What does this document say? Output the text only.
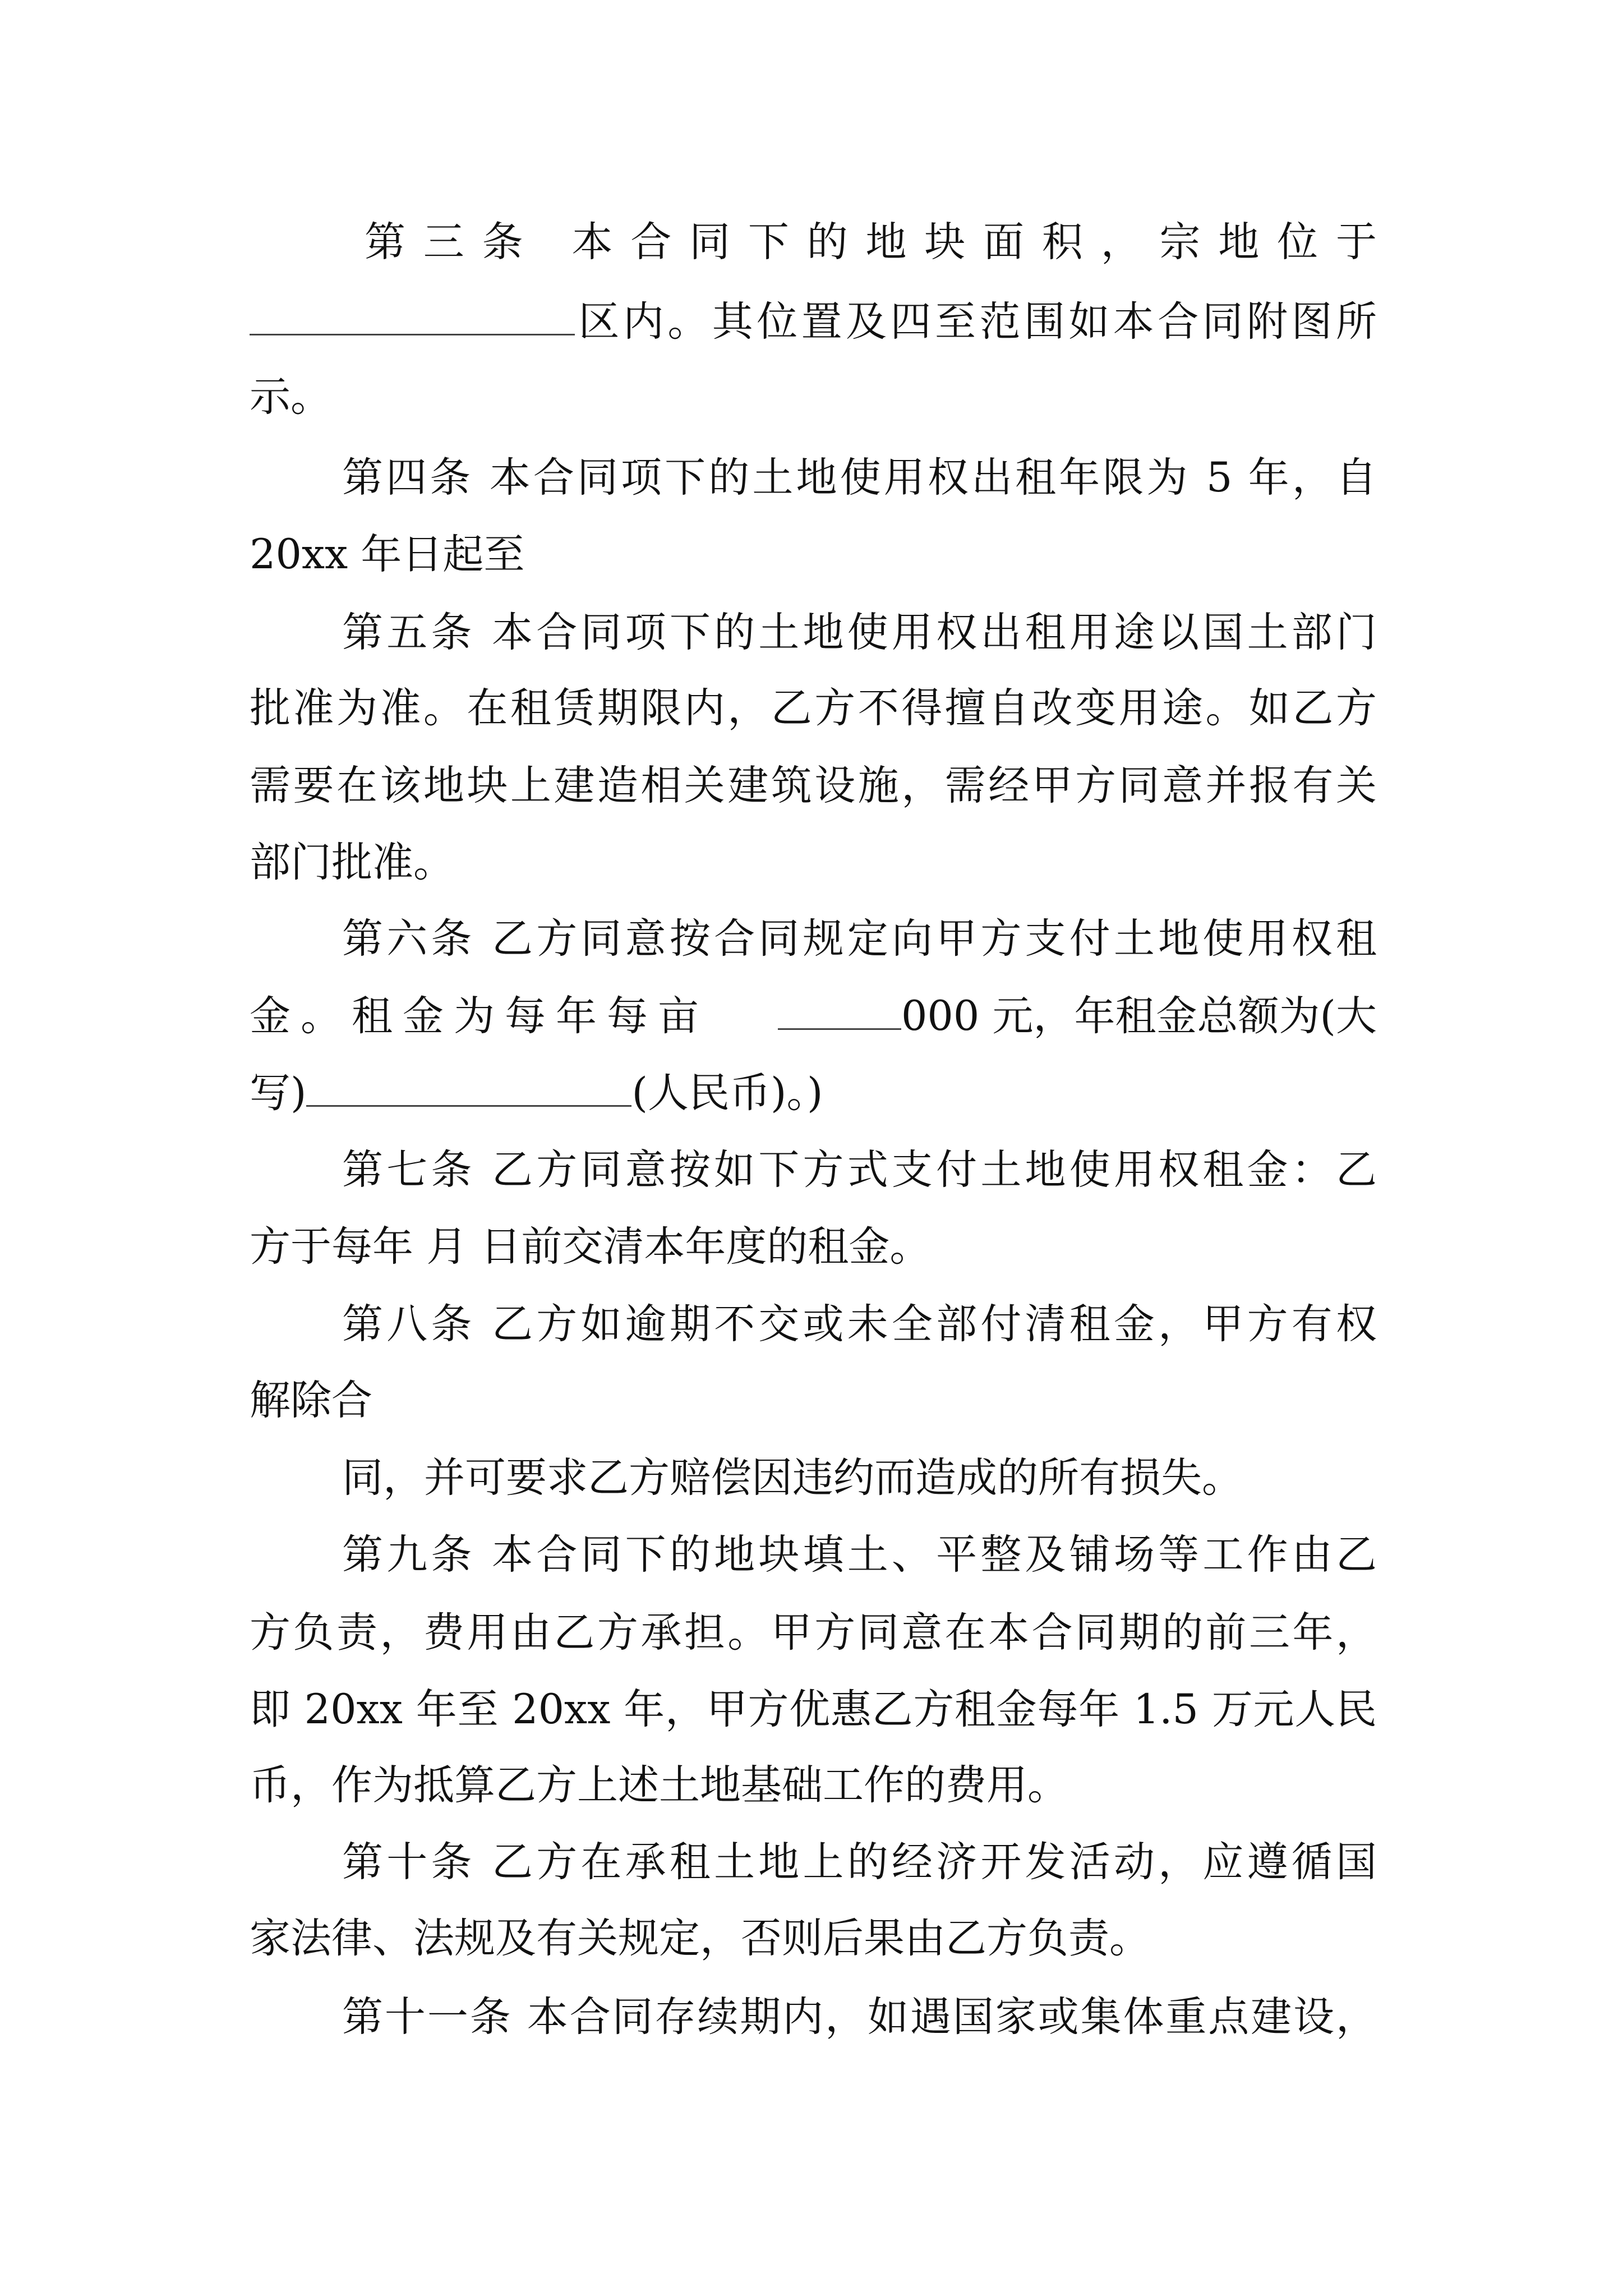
第三条 本合同下的地块面积，宗地位于
区内。其位置及四至范围如本合同附图所
示。
第四条 本合同项下的土地使用权出租年限为 5 年，自
20xx 年日起至
第五条 本合同项下的土地使用权出租用途以国土部门
批准为准。在租赁期限内，乙方不得擅自改变用途。如乙方
需要在该地块上建造相关建筑设施，需经甲方同意并报有关
部门批准。
第六条 乙方同意按合同规定向甲方支付土地使用权租
金。租金为每年每亩	000 元，年租金总额为(大
写)	(人民币)。)
第七条 乙方同意按如下方式支付土地使用权租金：乙
方于每年 月 日前交清本年度的租金。
第八条 乙方如逾期不交或未全部付清租金，甲方有权
解除合
同，并可要求乙方赔偿因违约而造成的所有损失。
第九条 本合同下的地块填土、平整及铺场等工作由乙
方负责，费用由乙方承担。甲方同意在本合同期的前三年，
即 20xx 年至 20xx 年，甲方优惠乙方租金每年 1.5 万元人民
币，作为抵算乙方上述土地基础工作的费用。
第十条 乙方在承租土地上的经济开发活动，应遵循国
家法律、法规及有关规定，否则后果由乙方负责。
第十一条 本合同存续期内，如遇国家或集体重点建设，
